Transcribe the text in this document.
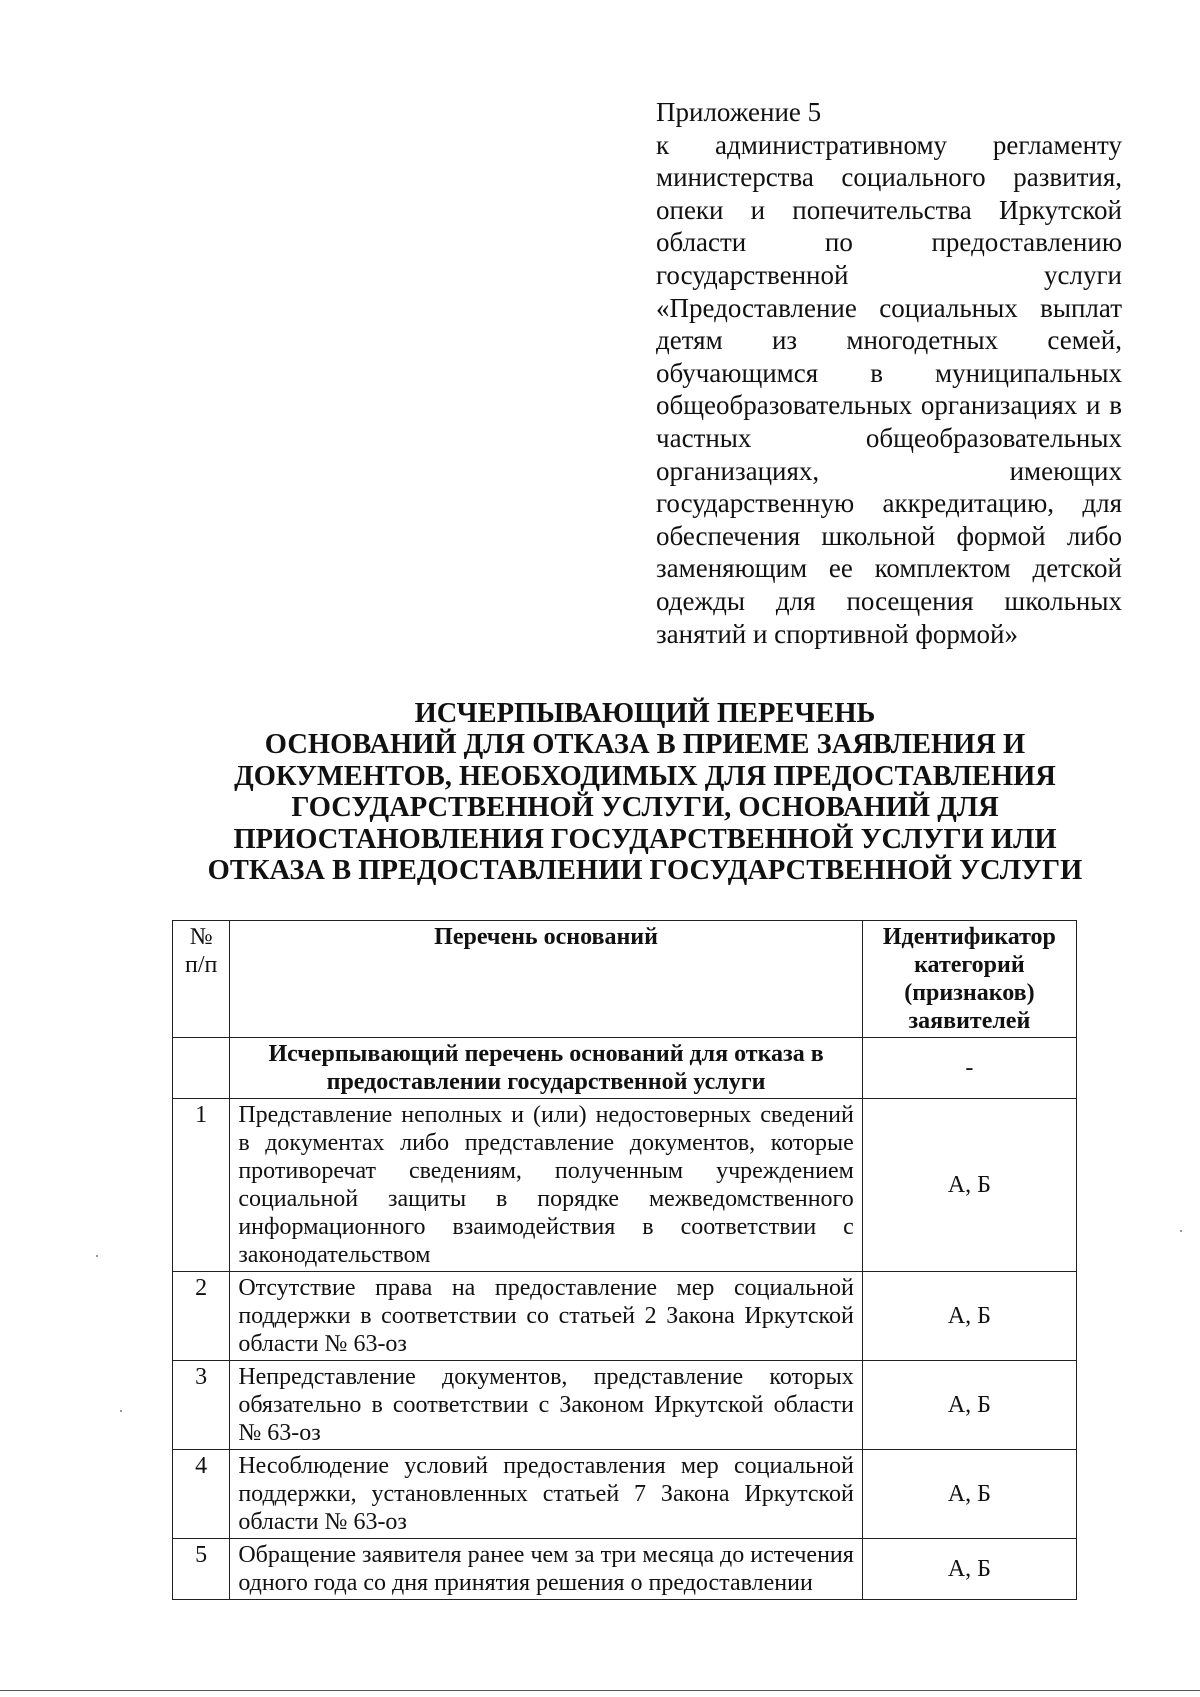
Приложение 5
к административному регламенту министерства социального развития, опеки и попечительства Иркутской области по предоставлению государственной услуги «Предоставление социальных выплат детям из многодетных семей, обучающимся в муниципальных общеобразовательных организациях и в частных общеобразовательных организациях, имеющих государственную аккредитацию, для обеспечения школьной формой либо заменяющим ее комплектом детской одежды для посещения школьных занятий и спортивной формой»
ИСЧЕРПЫВАЮЩИЙ ПЕРЕЧЕНЬ
ОСНОВАНИЙ ДЛЯ ОТКАЗА В ПРИЕМЕ ЗАЯВЛЕНИЯ И
ДОКУМЕНТОВ, НЕОБХОДИМЫХ ДЛЯ ПРЕДОСТАВЛЕНИЯ
ГОСУДАРСТВЕННОЙ УСЛУГИ, ОСНОВАНИЙ ДЛЯ
ПРИОСТАНОВЛЕНИЯ ГОСУДАРСТВЕННОЙ УСЛУГИ ИЛИ
ОТКАЗА В ПРЕДОСТАВЛЕНИИ ГОСУДАРСТВЕННОЙ УСЛУГИ
№ п/п	Перечень оснований	Идентификатор категорий (признаков) заявителей
	Исчерпывающий перечень оснований для отказа в предоставлении государственной услуги	-
1	Представление неполных и (или) недостоверных сведений в документах либо представление документов, которые противоречат сведениям, полученным учреждением социальной защиты в порядке межведомственного информационного взаимодействия в соответствии с законодательством	А, Б
2	Отсутствие права на предоставление мер социальной поддержки в соответствии со статьей 2 Закона Иркутской области № 63-оз	А, Б
3	Непредставление документов, представление которых обязательно в соответствии с Законом Иркутской области № 63-оз	А, Б
4	Несоблюдение условий предоставления мер социальной поддержки, установленных статьей 7 Закона Иркутской области № 63-оз	А, Б
5	Обращение заявителя ранее чем за три месяца до истечения одного года со дня принятия решения о предоставлении	А, Б
